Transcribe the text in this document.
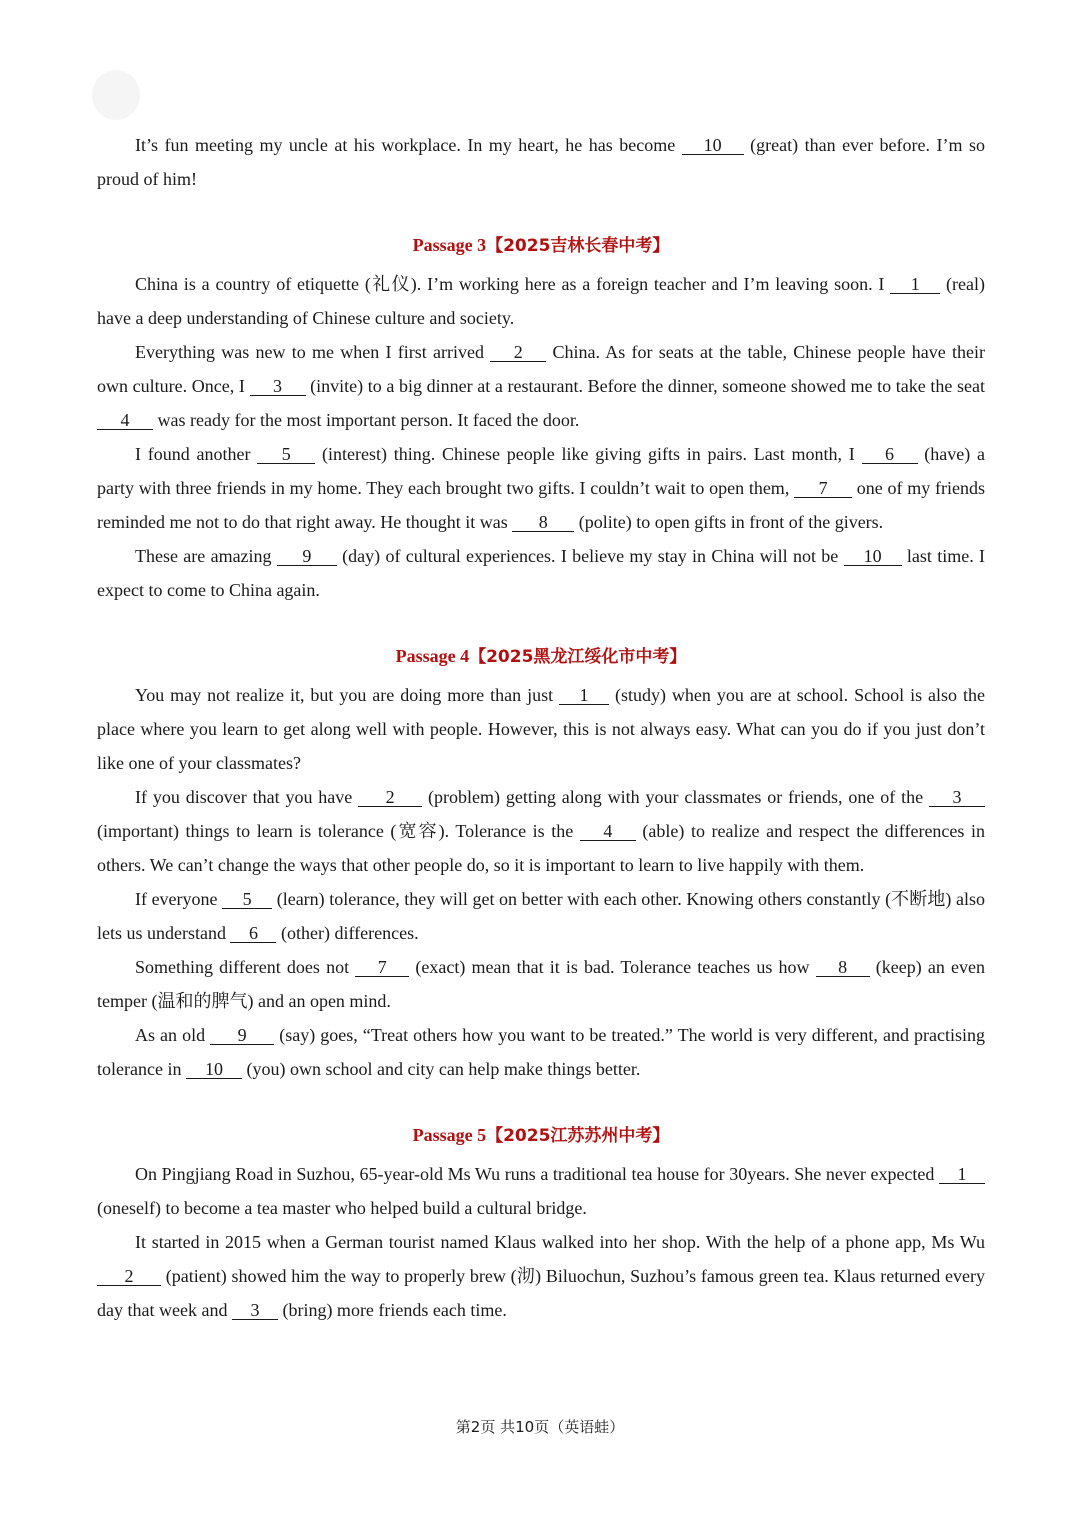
It’s fun meeting my uncle at his workplace. In my heart, he has become 10 (great) than ever before. I’m so proud of him!

Passage 3【2025吉林长春中考】

China is a country of etiquette (礼仪). I’m working here as a foreign teacher and I’m leaving soon. I 1 (real) have a deep understanding of Chinese culture and society.

Everything was new to me when I first arrived 2 China. As for seats at the table, Chinese people have their own culture. Once, I 3 (invite) to a big dinner at a restaurant. Before the dinner, someone showed me to take the seat 4 was ready for the most important person. It faced the door.

I found another 5 (interest) thing. Chinese people like giving gifts in pairs. Last month, I 6 (have) a party with three friends in my home. They each brought two gifts. I couldn’t wait to open them, 7 one of my friends reminded me not to do that right away. He thought it was 8 (polite) to open gifts in front of the givers.

These are amazing 9 (day) of cultural experiences. I believe my stay in China will not be 10 last time. I expect to come to China again.

Passage 4【2025黑龙江绥化市中考】

You may not realize it, but you are doing more than just 1 (study) when you are at school. School is also the place where you learn to get along well with people. However, this is not always easy. What can you do if you just don’t like one of your classmates?

If you discover that you have 2 (problem) getting along with your classmates or friends, one of the 3 (important) things to learn is tolerance (宽容). Tolerance is the 4 (able) to realize and respect the differences in others. We can’t change the ways that other people do, so it is important to learn to live happily with them.

If everyone 5 (learn) tolerance, they will get on better with each other. Knowing others constantly (不断地) also lets us understand 6 (other) differences.

Something different does not 7 (exact) mean that it is bad. Tolerance teaches us how 8 (keep) an even temper (温和的脾气) and an open mind.

As an old 9 (say) goes, “Treat others how you want to be treated.” The world is very different, and practising tolerance in 10 (you) own school and city can help make things better.

Passage 5【2025江苏苏州中考】

On Pingjiang Road in Suzhou, 65-year-old Ms Wu runs a traditional tea house for 30years. She never expected 1 (oneself) to become a tea master who helped build a cultural bridge.

It started in 2015 when a German tourist named Klaus walked into her shop. With the help of a phone app, Ms Wu 2 (patient) showed him the way to properly brew (沏) Biluochun, Suzhou’s famous green tea. Klaus returned every day that week and 3 (bring) more friends each time.

第2页 共10页（英语蛙）
